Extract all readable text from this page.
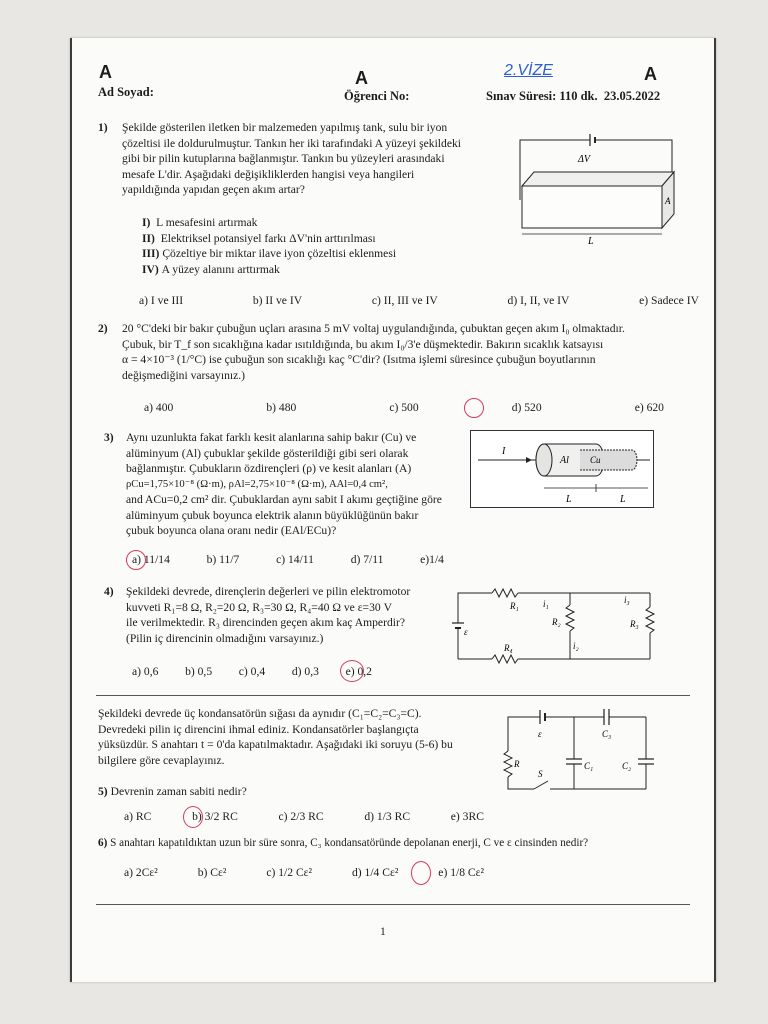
A	A	A
2.VİZE
Ad Soyad:	Öğrenci No:	Sınav Süresi: 110 dk. 23.05.2022
1) Şekilde gösterilen iletken bir malzemeden yapılmış tank, sulu bir iyon
çözeltisi ile doldurulmuştur. Tankın her iki tarafındaki A yüzeyi şekildeki
gibi bir pilin kutuplarına bağlanmıştır. Tankın bu yüzeyleri arasındaki
mesafe L'dir. Aşağıdaki değişikliklerden hangisi veya hangileri
yapıldığında yapıdan geçen akım artar?
I) L mesafesini artırmak
II) Elektriksel potansiyel farkı ΔV'nin arttırılması
III) Çözeltiye bir miktar ilave iyon çözeltisi eklenmesi
IV) A yüzey alanını arttırmak
a) I ve III	b) II ve IV	c) II, III ve IV	d) I, II, ve IV	e) Sadece IV
ΔV
A
L
2) 20 °C'deki bir bakır çubuğun uçları arasına 5 mV voltaj uygulandığında, çubuktan geçen akım I₀ olmaktadır.
Çubuk, bir T_f son sıcaklığına kadar ısıtıldığında, bu akım I₀/3'e düşmektedir. Bakırın sıcaklık katsayısı
α = 4×10⁻³ (1/°C) ise çubuğun son sıcaklığı kaç °C'dir? (Isıtma işlemi süresince çubuğun boyutlarının
değişmediğini varsayınız.)
a) 400	b) 480	c) 500	d) 520	e) 620
3) Aynı uzunlukta fakat farklı kesit alanlarına sahip bakır (Cu) ve
alüminyum (Al) çubuklar şekilde gösterildiği gibi seri olarak
bağlanmıştır. Çubukların özdirençleri (ρ) ve kesit alanları (A)
ρCu=1,75×10⁻⁸ (Ω·m), ρAl=2,75×10⁻⁸ (Ω·m), AAl=0,4 cm²,
and ACu=0,2 cm² dir. Çubuklardan aynı sabit I akımı geçtiğine göre
alüminyum çubuk boyunca elektrik alanın büyüklüğünün bakır
çubuk boyunca olana oranı nedir (EAl/ECu)?
a) 11/14	b) 11/7	c) 14/11	d) 7/11	e)1/4
I
Al Cu
L	L
4) Şekildeki devrede, dirençlerin değerleri ve pilin elektromotor
kuvveti R₁=8 Ω, R₂=20 Ω, R₃=30 Ω, R₄=40 Ω ve ε=30 V
ile verilmektedir. R₃ direncinden geçen akım kaç Amperdir?
(Pilin iç direncinin olmadığını varsayınız.)
a) 0,6 b) 0,5 c) 0,4 d) 0,3 e) 0,2
R₁	i₁	i₃
R₂
i₂
R₃
ε
R₄
Şekildeki devrede üç kondansatörün sığası da aynıdır (C₁=C₂=C₃=C).
Devredeki pilin iç direncini ihmal ediniz. Kondansatörler başlangıçta
yüksüzdür. S anahtarı t = 0'da kapatılmaktadır. Aşağıdaki iki soruyu (5-6) bu
bilgilere göre cevaplayınız.
ε	C₃
C₂
C₁
R
S
5) Devrenin zaman sabiti nedir?
a) RC	b) 3/2 RC	c) 2/3 RC	d) 1/3 RC	e) 3RC
6) S anahtarı kapatıldıktan uzun bir süre sonra, C₃ kondansatöründe depolanan enerji, C ve ε cinsinden nedir?
a) 2Cε²	b) Cε²	c) 1/2 Cε²	d) 1/4 Cε²	e) 1/8 Cε²
1
